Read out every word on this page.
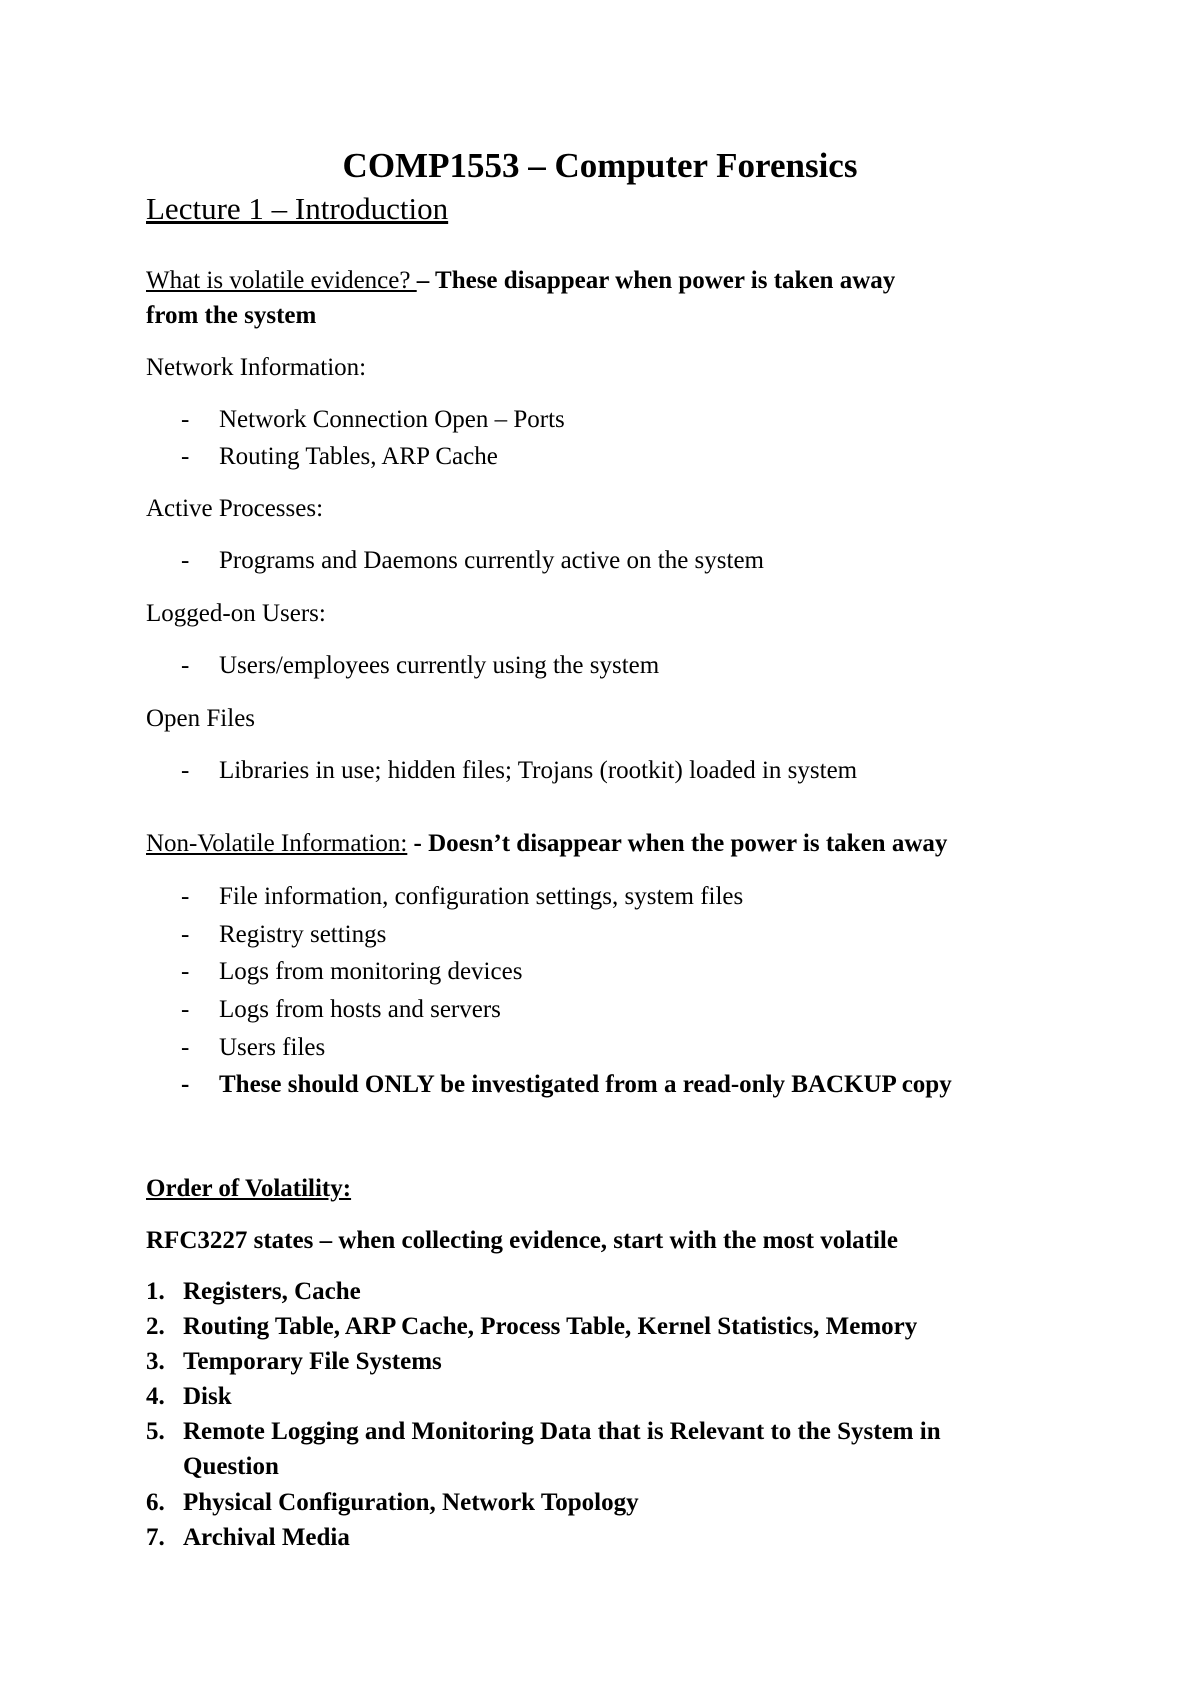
COMP1553 – Computer Forensics
Lecture 1 – Introduction
What is volatile evidence? – These disappear when power is taken away
from the system
Network Information:
- Network Connection Open – Ports
- Routing Tables, ARP Cache
Active Processes:
- Programs and Daemons currently active on the system
Logged-on Users:
- Users/employees currently using the system
Open Files
- Libraries in use; hidden files; Trojans (rootkit) loaded in system
Non-Volatile Information: - Doesn’t disappear when the power is taken away
- File information, configuration settings, system files
- Registry settings
- Logs from monitoring devices
- Logs from hosts and servers
- Users files
- These should ONLY be investigated from a read-only BACKUP copy
Order of Volatility:
RFC3227 states – when collecting evidence, start with the most volatile
1. Registers, Cache
2. Routing Table, ARP Cache, Process Table, Kernel Statistics, Memory
3. Temporary File Systems
4. Disk
5. Remote Logging and Monitoring Data that is Relevant to the System in
Question
6. Physical Configuration, Network Topology
7. Archival Media
